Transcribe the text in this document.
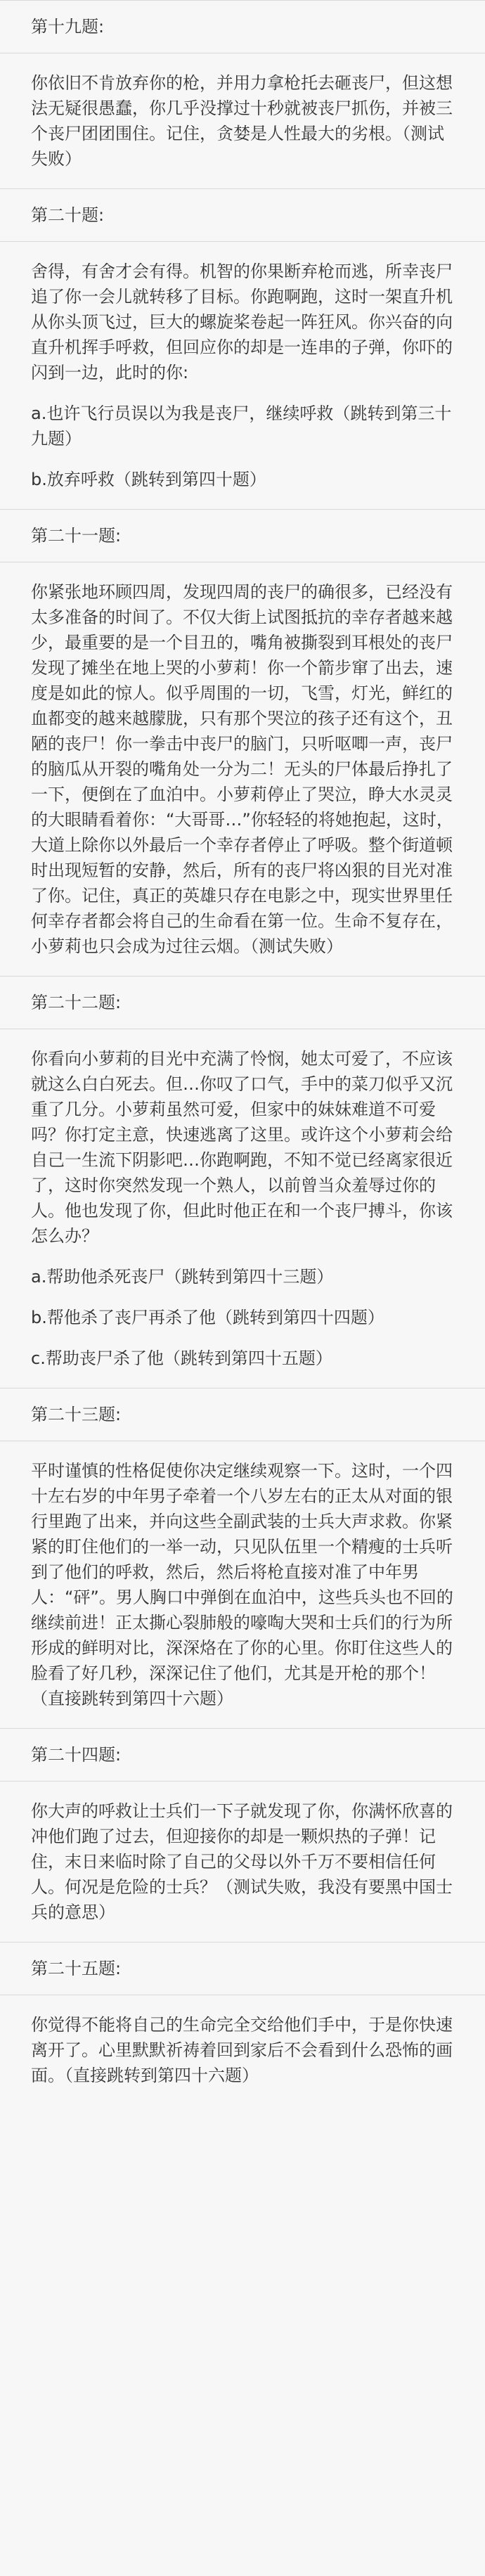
第十九题:
你依旧不肯放弃你的枪，并用力拿枪托去砸丧尸，但这想法无疑很愚蠢，你几乎没撑过十秒就被丧尸抓伤，并被三个丧尸团团围住。记住，贪婪是人性最大的劣根。（测试失败）
第二十题:
舍得，有舍才会有得。机智的你果断弃枪而逃，所幸丧尸追了你一会儿就转移了目标。你跑啊跑，这时一架直升机从你头顶飞过，巨大的螺旋桨卷起一阵狂风。你兴奋的向直升机挥手呼救，但回应你的却是一连串的子弹，你吓的闪到一边，此时的你:
a.也许飞行员误以为我是丧尸，继续呼救（跳转到第三十九题）
b.放弃呼救（跳转到第四十题）
第二十一题:
你紧张地环顾四周，发现四周的丧尸的确很多，已经没有太多准备的时间了。不仅大街上试图抵抗的幸存者越来越少，最重要的是一个目丑的，嘴角被撕裂到耳根处的丧尸发现了摊坐在地上哭的小萝莉！你一个箭步窜了出去，速度是如此的惊人。似乎周围的一切，飞雪，灯光，鲜红的血都变的越来越朦胧，只有那个哭泣的孩子还有这个，丑陋的丧尸！你一拳击中丧尸的脑门，只听呕唧一声，丧尸的脑瓜从开裂的嘴角处一分为二！无头的尸体最后挣扎了一下，便倒在了血泊中。小萝莉停止了哭泣，睁大水灵灵的大眼睛看着你：“大哥哥…”你轻轻的将她抱起，这时，大道上除你以外最后一个幸存者停止了呼吸。整个街道顿时出现短暂的安静，然后，所有的丧尸将凶狠的目光对准了你。记住，真正的英雄只存在电影之中，现实世界里任何幸存者都会将自己的生命看在第一位。生命不复存在，小萝莉也只会成为过往云烟。（测试失败）
第二十二题:
你看向小萝莉的目光中充满了怜悯，她太可爱了，不应该就这么白白死去。但…你叹了口气，手中的菜刀似乎又沉重了几分。小萝莉虽然可爱，但家中的妹妹难道不可爱吗？你打定主意，快速逃离了这里。或许这个小萝莉会给自己一生流下阴影吧…你跑啊跑，不知不觉已经离家很近了，这时你突然发现一个熟人，以前曾当众羞辱过你的人。他也发现了你，但此时他正在和一个丧尸搏斗，你该怎么办？
a.帮助他杀死丧尸（跳转到第四十三题）
b.帮他杀了丧尸再杀了他（跳转到第四十四题）
c.帮助丧尸杀了他（跳转到第四十五题）
第二十三题:
平时谨慎的性格促使你决定继续观察一下。这时，一个四十左右岁的中年男子牵着一个八岁左右的正太从对面的银行里跑了出来，并向这些全副武装的士兵大声求救。你紧紧的盯住他们的一举一动，只见队伍里一个精瘦的士兵听到了他们的呼救，然后，然后将枪直接对准了中年男人：“砰”。男人胸口中弹倒在血泊中，这些兵头也不回的继续前进！正太撕心裂肺般的嚎啕大哭和士兵们的行为所形成的鲜明对比，深深烙在了你的心里。你盯住这些人的脸看了好几秒，深深记住了他们，尤其是开枪的那个！（直接跳转到第四十六题）
第二十四题:
你大声的呼救让士兵们一下子就发现了你，你满怀欣喜的冲他们跑了过去，但迎接你的却是一颗炽热的子弹！记住，末日来临时除了自己的父母以外千万不要相信任何人。何况是危险的士兵？（测试失败，我没有要黑中国士兵的意思）
第二十五题:
你觉得不能将自己的生命完全交给他们手中，于是你快速离开了。心里默默祈祷着回到家后不会看到什么恐怖的画面。（直接跳转到第四十六题）
